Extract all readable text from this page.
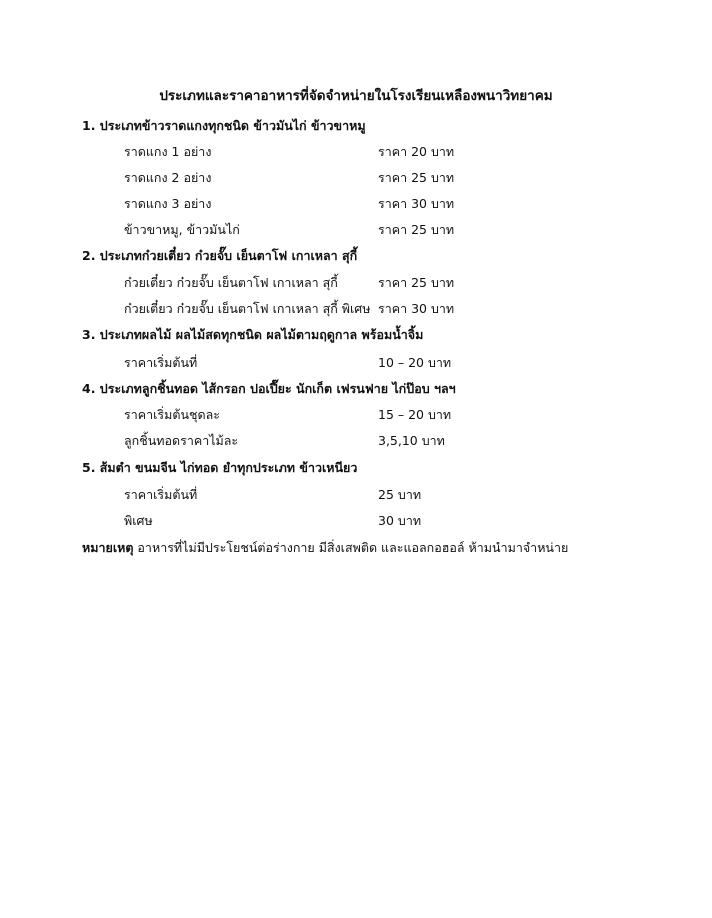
ประเภทและราคาอาหารที่จัดจำหน่ายในโรงเรียนเหลืองพนาวิทยาคม
1. ประเภทข้าวราดแกงทุกชนิด ข้าวมันไก่ ข้าวขาหมู
ราดแกง 1 อย่าง	ราคา 20 บาท
ราดแกง 2 อย่าง	ราคา 25 บาท
ราดแกง 3 อย่าง	ราคา 30 บาท
ข้าวขาหมู, ข้าวมันไก่	ราคา 25 บาท
2. ประเภทก๋วยเตี๋ยว ก๋วยจั๊บ เย็นตาโฟ เกาเหลา สุกี้
ก๋วยเตี๋ยว ก๋วยจั๊บ เย็นตาโฟ เกาเหลา สุกี้	ราคา 25 บาท
ก๋วยเตี๋ยว ก๋วยจั๊บ เย็นตาโฟ เกาเหลา สุกี้ พิเศษ ราคา 30 บาท
3. ประเภทผลไม้ ผลไม้สดทุกชนิด ผลไม้ตามฤดูกาล พร้อมน้ำจิ้ม
ราคาเริ่มต้นที่	10 – 20 บาท
4. ประเภทลูกชิ้นทอด ไส้กรอก ปอเปี๊ยะ นักเก็ต เฟรนฟาย ไก่ป๊อบ ฯลฯ
ราคาเริ่มต้นชุดละ	15 – 20 บาท
ลูกชิ้นทอดราคาไม้ละ	3,5,10 บาท
5. ส้มตำ ขนมจีน ไก่ทอด ยำทุกประเภท ข้าวเหนียว
ราคาเริ่มต้นที่	25 บาท
พิเศษ	30 บาท
หมายเหตุ อาหารที่ไม่มีประโยชน์ต่อร่างกาย มีสิ่งเสพติด และแอลกอฮอล์ ห้ามนำมาจำหน่าย
